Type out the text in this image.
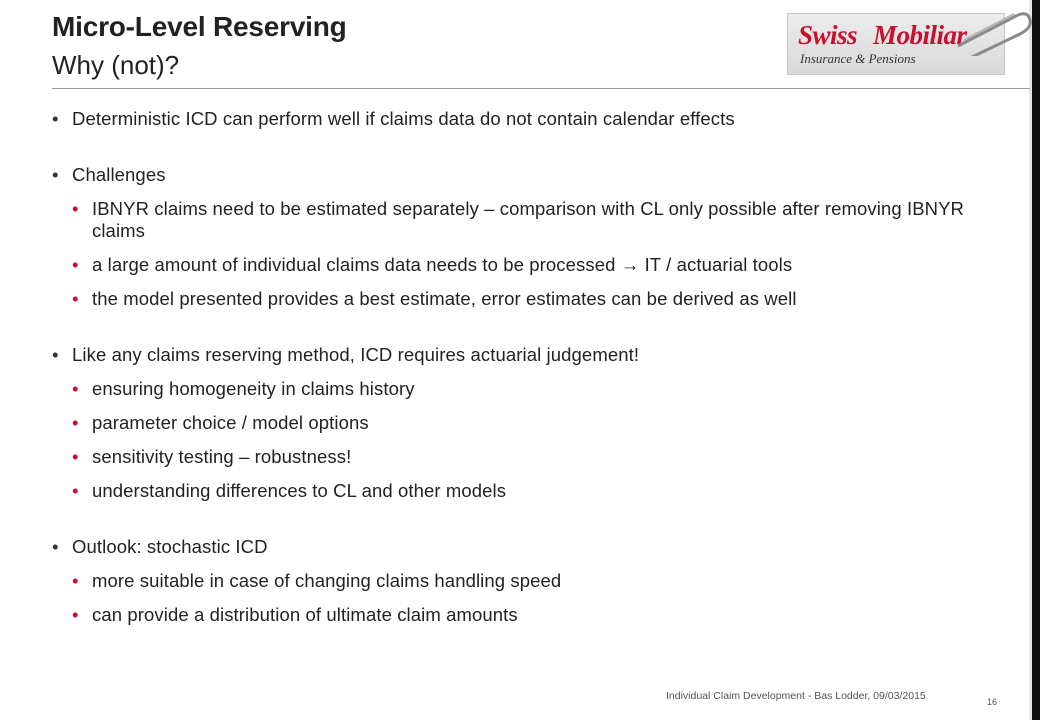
Micro-Level Reserving
Why (not)?
Swiss Mobiliar
Insurance & Pensions
• Deterministic ICD can perform well if claims data do not contain calendar effects
• Challenges
• IBNYR claims need to be estimated separately – comparison with CL only possible after removing IBNYR claims
• a large amount of individual claims data needs to be processed → IT / actuarial tools
• the model presented provides a best estimate, error estimates can be derived as well
• Like any claims reserving method, ICD requires actuarial judgement!
• ensuring homogeneity in claims history
• parameter choice / model options
• sensitivity testing – robustness!
• understanding differences to CL and other models
• Outlook: stochastic ICD
• more suitable in case of changing claims handling speed
• can provide a distribution of ultimate claim amounts
Individual Claim Development - Bas Lodder, 09/03/2015	16
